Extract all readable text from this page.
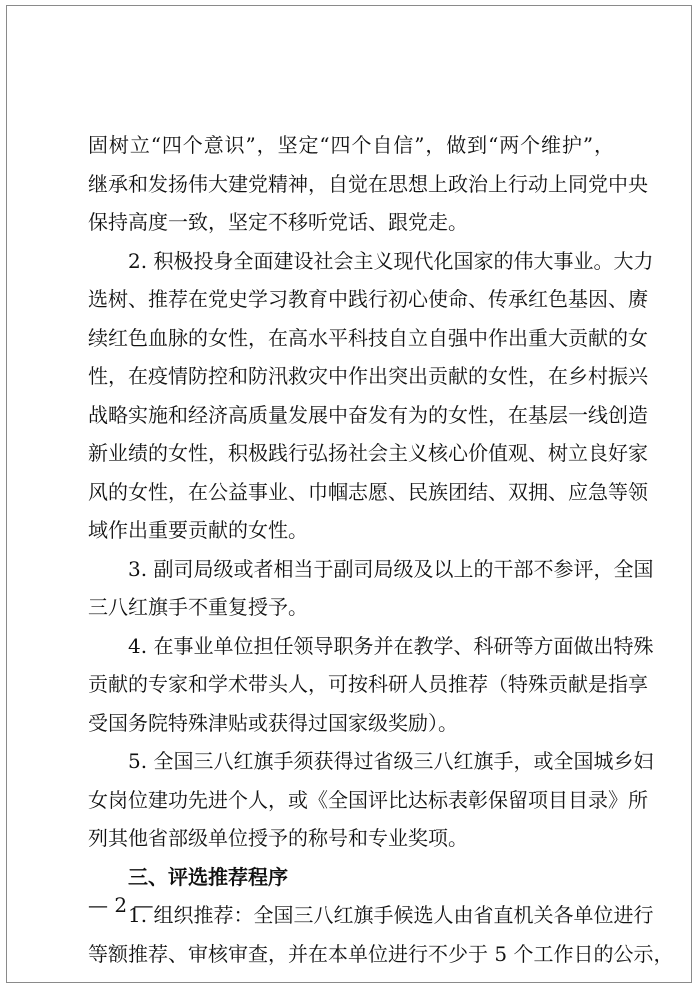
固树立“四个意识”，坚定“四个自信”，做到“两个维护”，
继承和发扬伟大建党精神，自觉在思想上政治上行动上同党中央
保持高度一致，坚定不移听党话、跟党走。
2. 积极投身全面建设社会主义现代化国家的伟大事业。大力
选树、推荐在党史学习教育中践行初心使命、传承红色基因、赓
续红色血脉的女性，在高水平科技自立自强中作出重大贡献的女
性，在疫情防控和防汛救灾中作出突出贡献的女性，在乡村振兴
战略实施和经济高质量发展中奋发有为的女性，在基层一线创造
新业绩的女性，积极践行弘扬社会主义核心价值观、树立良好家
风的女性，在公益事业、巾帼志愿、民族团结、双拥、应急等领
域作出重要贡献的女性。
3. 副司局级或者相当于副司局级及以上的干部不参评，全国
三八红旗手不重复授予。
4. 在事业单位担任领导职务并在教学、科研等方面做出特殊
贡献的专家和学术带头人，可按科研人员推荐（特殊贡献是指享
受国务院特殊津贴或获得过国家级奖励）。
5. 全国三八红旗手须获得过省级三八红旗手，或全国城乡妇
女岗位建功先进个人，或《全国评比达标表彰保留项目目录》所
列其他省部级单位授予的称号和专业奖项。
三、评选推荐程序
1. 组织推荐：全国三八红旗手候选人由省直机关各单位进行
等额推荐、审核审查，并在本单位进行不少于 5 个工作日的公示，
— 2 —
